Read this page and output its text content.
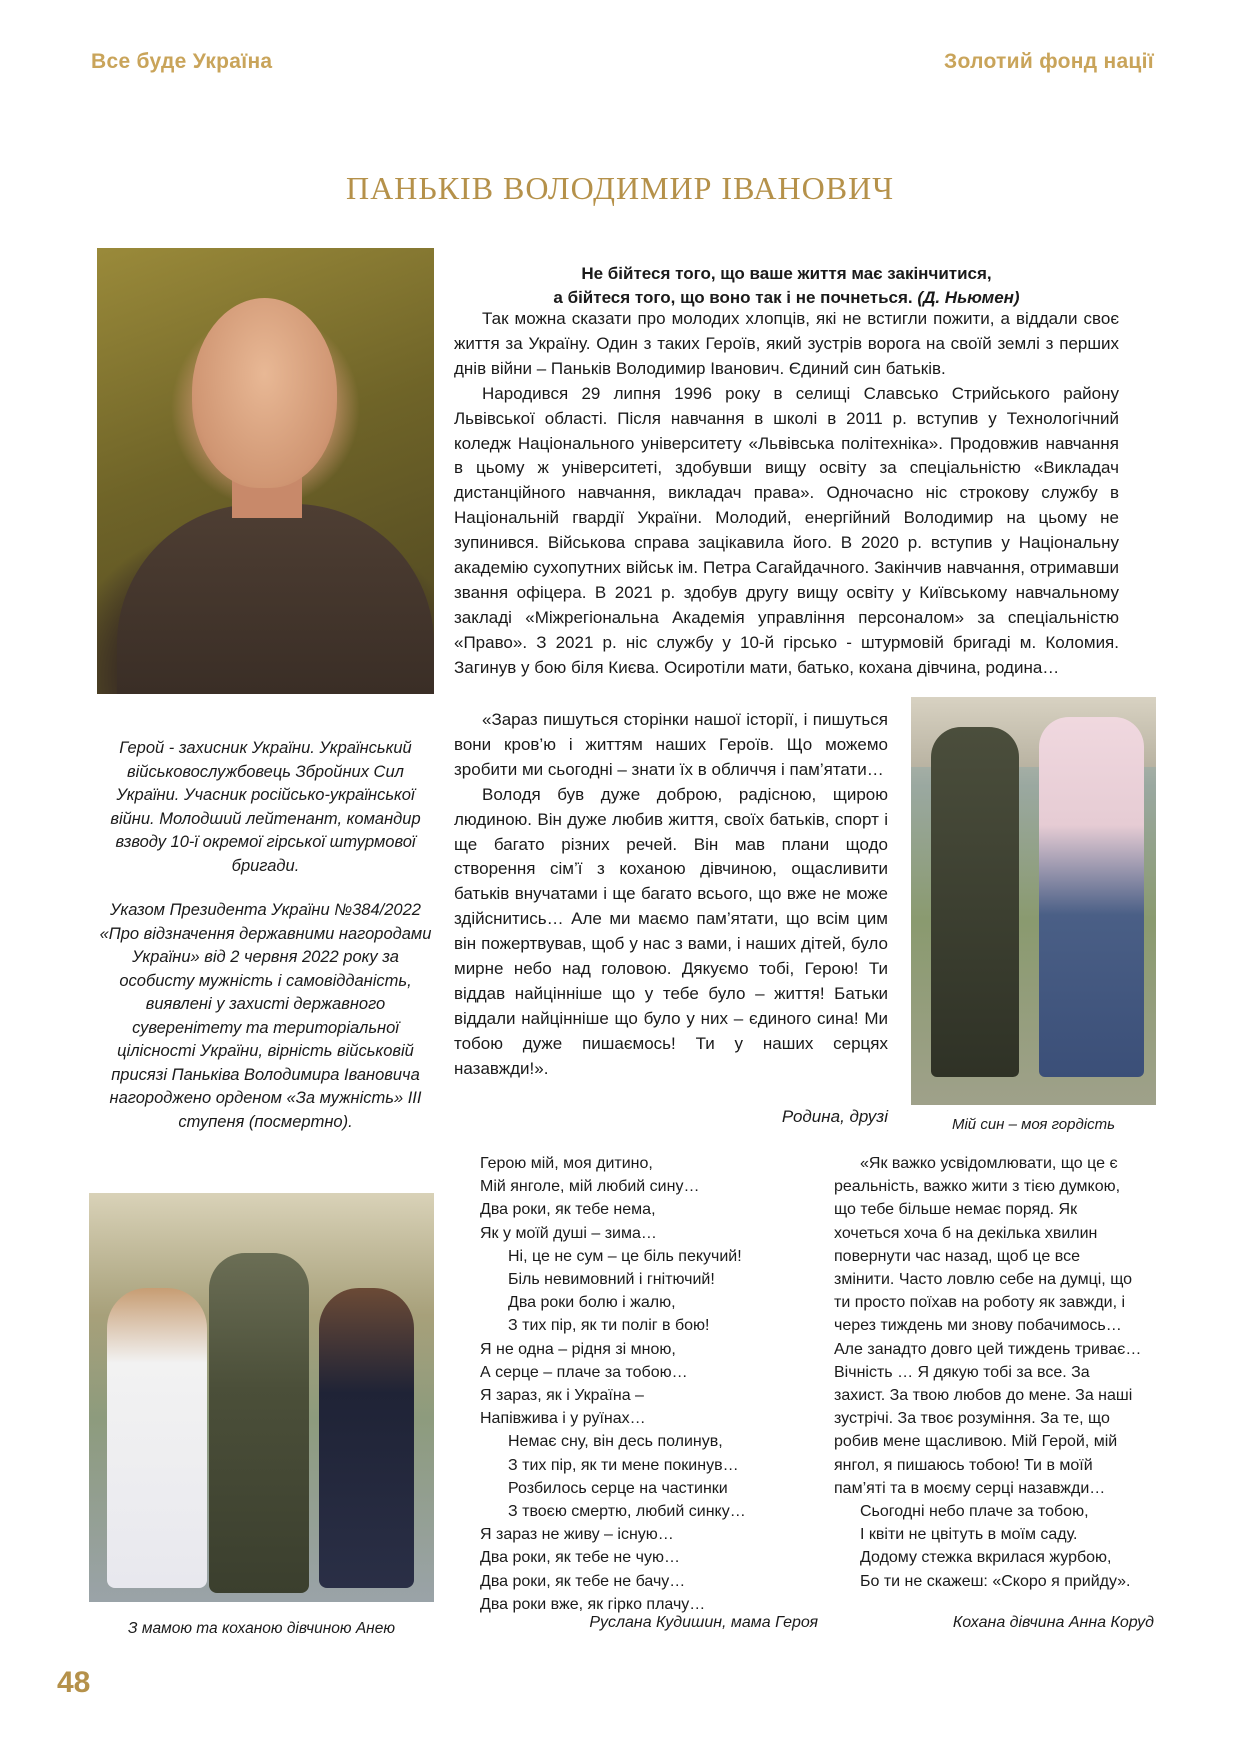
Все буде Україна	Золотий фонд нації
ПАНЬКІВ ВОЛОДИМИР ІВАНОВИЧ

Герой - захисник України. Український військовослужбовець Збройних Сил України. Учасник російсько-української війни. Молодший лейтенант, командир взводу 10-ї окремої гірської штурмової бригади.

Указом Президента України №384/2022 «Про відзначення державними нагородами України» від 2 червня 2022 року за особисту мужність і самовідданість, виявлені у захисті державного суверенітету та територіальної цілісності України, вірність військовій присязі Паньківа Володимира Івановича нагороджено орденом «За мужність» III ступеня (посмертно).

З мамою та коханою дівчиною Анею
Не бійтеся того, що ваше життя має закінчитися,
а бійтеся того, що воно так і не почнеться. (Д. Ньюмен)

Так можна сказати про молодих хлопців, які не встигли пожити, а віддали своє життя за Україну. Один з таких Героїв, який зустрів ворога на своїй землі з перших днів війни – Паньків Володимир Іванович. Єдиний син батьків.

Народився 29 липня 1996 року в селищі Славсько Стрийського району Львівської області. Після навчання в школі в 2011 р. вступив у Технологічний коледж Національного університету «Львівська політехніка». Продовжив навчання в цьому ж університеті, здобувши вищу освіту за спеціальністю «Викладач дистанційного навчання, викладач права». Одночасно ніс строкову службу в Національній гвардії України. Молодий, енергійний Володимир на цьому не зупинився. Військова справа зацікавила його. В 2020 р. вступив у Національну академію сухопутних військ ім. Петра Сагайдачного. Закінчив навчання, отримавши звання офіцера. В 2021 р. здобув другу вищу освіту у Київському навчальному закладі «Міжрегіональна Академія управління персоналом» за спеціальністю «Право». З 2021 р. ніс службу у 10-й гірсько - штурмовій бригаді м. Коломия. Загинув у бою біля Києва. Осиротіли мати, батько, кохана дівчина, родина…

Мій син – моя гордість

«Зараз пишуться сторінки нашої історії, і пишуться вони кров’ю і життям наших Героїв. Що можемо зробити ми сьогодні – знати їх в обличчя і пам’ятати…

Володя був дуже доброю, радісною, щирою людиною. Він дуже любив життя, своїх батьків, спорт і ще багато різних речей. Він мав плани щодо створення сім’ї з коханою дівчиною, ощасливити батьків внучатами і ще багато всього, що вже не може здійснитись… Але ми маємо пам’ятати, що всім цим він пожертвував, щоб у нас з вами, і наших дітей, було мирне небо над головою. Дякуємо тобі, Герою! Ти віддав найцінніше що у тебе було – життя! Батьки віддали найцінніше що було у них – єдиного сина! Ми тобою дуже пишаємось! Ти у наших серцях назавжди!».

Родина, друзі
Герою мій, моя дитино,
Мій янголе, мій любий сину…
Два роки, як тебе нема,
Як у моїй душі – зима…
Ні, це не сум – це біль пекучий!
Біль невимовний і гнітючий!
Два роки болю і жалю,
З тих пір, як ти поліг в бою!
Я не одна – рідня зі мною,
А серце – плаче за тобою…
Я зараз, як і Україна –
Напівжива і у руїнах…
Немає сну, він десь полинув,
З тих пір, як ти мене покинув…
Розбилось серце на частинки
З твоєю смертю, любий синку…
Я зараз не живу – існую…
Два роки, як тебе не чую…
Два роки, як тебе не бачу…
Два роки вже, як гірко плачу…
Руслана Кудишин, мама Героя
«Як важко усвідомлювати, що це є реальність, важко жити з тією думкою, що тебе більше немає поряд. Як хочеться хоча б на декілька хвилин повернути час назад, щоб це все змінити. Часто ловлю себе на думці, що ти просто поїхав на роботу як завжди, і через тиждень ми знову побачимось… Але занадто довго цей тиждень триває… Вічність … Я дякую тобі за все. За захист. За твою любов до мене. За наші зустрічі. За твоє розуміння. За те, що робив мене щасливою. Мій Герой, мій янгол, я пишаюсь тобою! Ти в моїй пам’яті та в моєму серці назавжди…
Сьогодні небо плаче за тобою,
І квіти не цвітуть в моїм саду.
Додому стежка вкрилася журбою,
Бо ти не скажеш: «Скоро я прийду».
Кохана дівчина Анна Коруд
48
